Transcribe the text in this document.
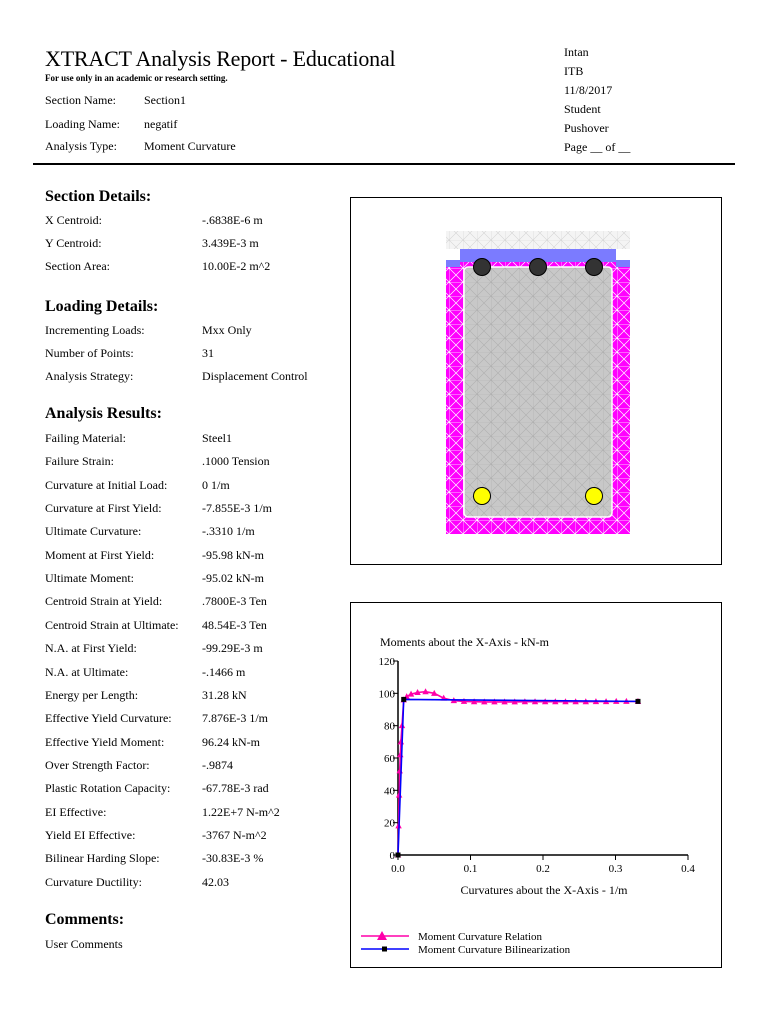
XTRACT Analysis Report - Educational
For use only in an academic or research setting.
Section Name: Section1
Loading Name: negatif
Analysis Type: Moment Curvature
Intan
ITB
11/8/2017
Student
Pushover
Page __ of __
Section Details:
X Centroid:	-.6838E-6 m
Y Centroid:	3.439E-3 m
Section Area:	10.00E-2 m^2
Loading Details:
Incrementing Loads:	Mxx Only
Number of Points:	31
Analysis Strategy:	Displacement Control
Analysis Results:
Failing Material:	Steel1
Failure Strain:	.1000 Tension
Curvature at Initial Load:	0 1/m
Curvature at First Yield:	-7.855E-3 1/m
Ultimate Curvature:	-.3310 1/m
Moment at First Yield:	-95.98 kN-m
Ultimate Moment:	-95.02 kN-m
Centroid Strain at Yield:	.7800E-3 Ten
Centroid Strain at Ultimate: 48.54E-3 Ten
N.A. at First Yield:	-99.29E-3 m
N.A. at Ultimate:	-.1466 m
Energy per Length:	31.28 kN
Effective Yield Curvature:	7.876E-3 1/m
Effective Yield Moment:	96.24 kN-m
Over Strength Factor:	-.9874
Plastic Rotation Capacity:	-67.78E-3 rad
EI Effective:	1.22E+7 N-m^2
Yield EI Effective:	-3767 N-m^2
Bilinear Harding Slope:	-30.83E-3 %
Curvature Ductility:	42.03
Comments:
User Comments
Moments about the X-Axis - kN-m
0.0	0.1	0.2	0.3	0.4
0
20
40
60
80
100
120
Curvatures about the X-Axis - 1/m
Moment Curvature Relation
Moment Curvature Bilinearization
